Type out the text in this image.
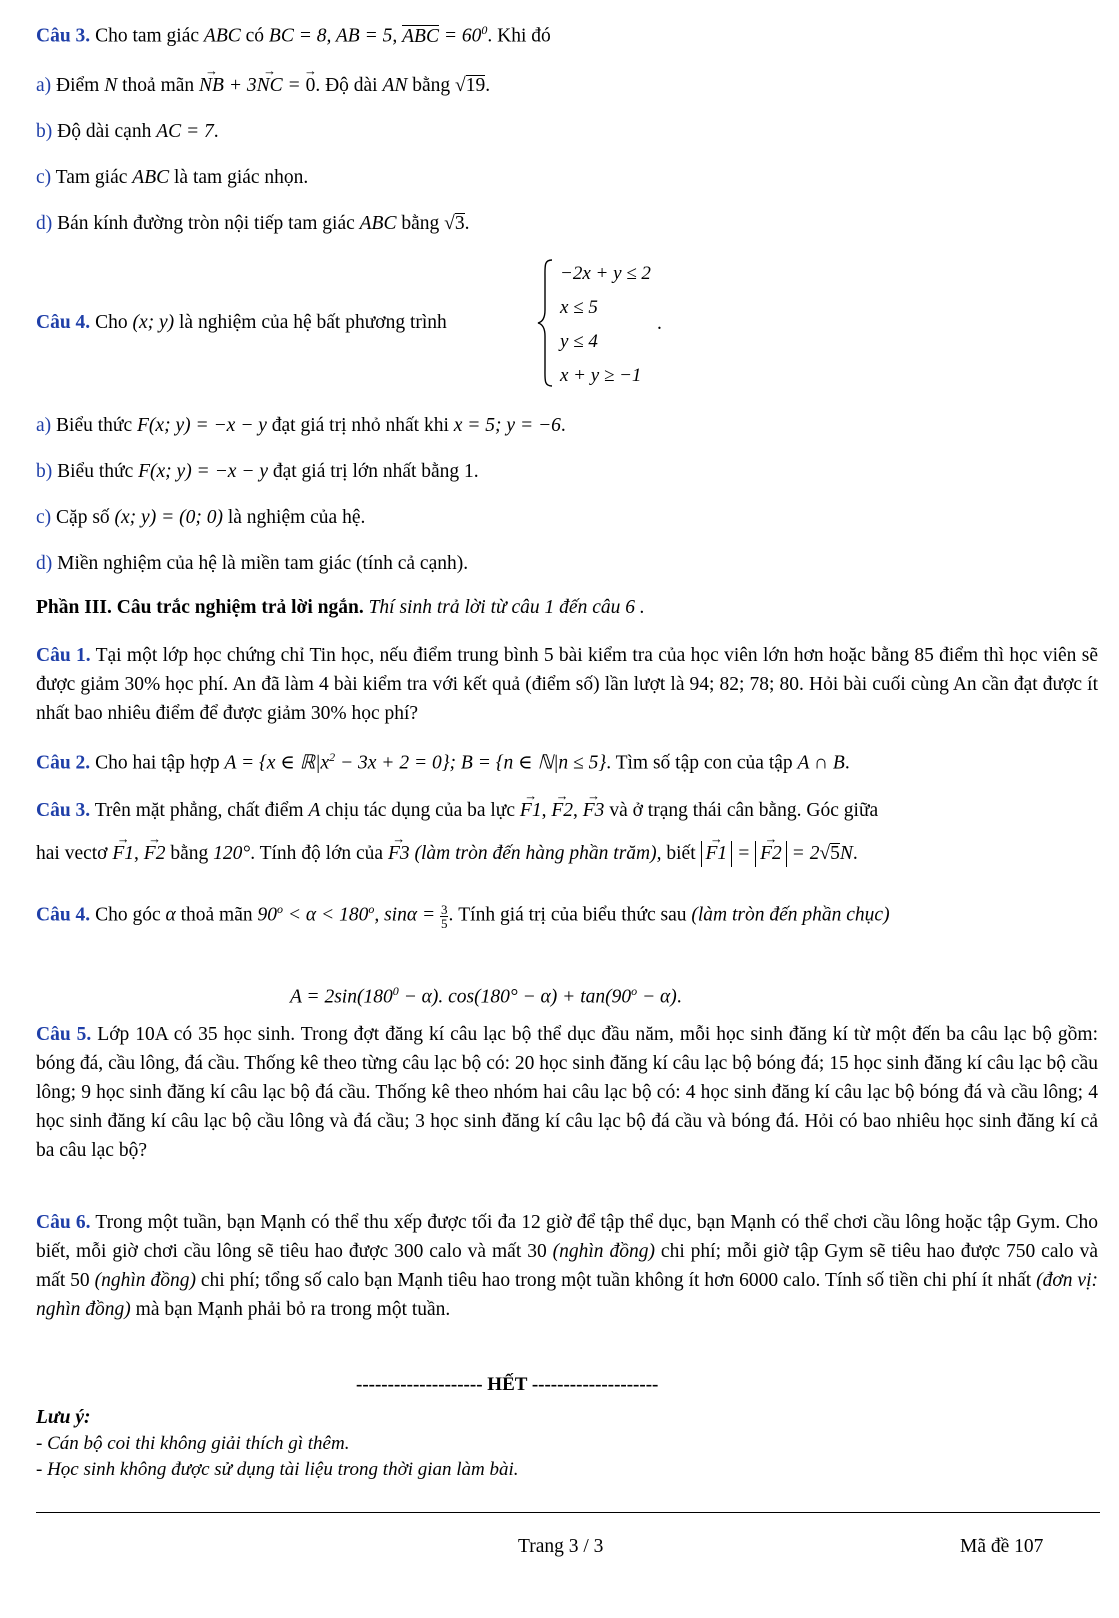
Câu 3. Cho tam giác ABC có BC = 8, AB = 5, ABC = $60^0$. Khi đó
a) Điểm N thoả mãn → NB + 3→ NC = → 0. Độ dài AN bằng √19.
b) Độ dài cạnh AC = 7.
c) Tam giác ABC là tam giác nhọn.
d) Bán kính đường tròn nội tiếp tam giác ABC bằng √3.
Câu 4. Cho (x; y) là nghiệm của hệ bất phương trình
−2x + y ≤ 2
x ≤ 5
y ≤ 4
x + y ≥ −1
.
a) Biểu thức F(x; y) = −x − y đạt giá trị nhỏ nhất khi x = 5; y = −6.
b) Biểu thức F(x; y) = −x − y đạt giá trị lớn nhất bằng 1.
c) Cặp số (x; y) = (0; 0) là nghiệm của hệ.
d) Miền nghiệm của hệ là miền tam giác (tính cả cạnh).
Phần III. Câu trắc nghiệm trả lời ngắn. Thí sinh trả lời từ câu 1 đến câu 6 .
Câu 1. Tại một lớp học chứng chỉ Tin học, nếu điểm trung bình 5 bài kiểm tra của học viên lớn hơn hoặc bằng 85 điểm thì học viên sẽ được giảm 30% học phí. An đã làm 4 bài kiểm tra với kết quả (điểm số) lần lượt là 94; 82; 78; 80. Hỏi bài cuối cùng An cần đạt được ít nhất bao nhiêu điểm để được giảm 30% học phí?
Câu 2. Cho hai tập hợp A = {x ∈ $ℝ|x^2 - 3x + 2 = 0$}; B = {n ∈ ℕ|n ≤ 5}. Tìm số tập con của tập A ∩ B.
Câu 3. Trên mặt phẳng, chất điểm A chịu tác dụng của ba lực → F1, → F2, → F3 và ở trạng thái cân bằng. Góc giữa
hai vectơ → F1, → F2 bằng 120°. Tính độ lớn của → F3 (làm tròn đến hàng phần trăm), biết → F1 = → F2 = 2√5N.
Câu 4. Cho góc α thoả mãn $90^o < \alpha < 180^o$, $\sin\alpha = \frac{3}{5}$ . Tính giá trị của biểu thức sau (làm tròn đến phần chục)
$A = 2\sin(180^0 - \alpha)$. $\cos(180^\circ - \alpha) + \tan(90^o - \alpha)$.
Câu 5. Lớp 10A có 35 học sinh. Trong đợt đăng kí câu lạc bộ thể dục đầu năm, mỗi học sinh đăng kí từ một đến ba câu lạc bộ gồm: bóng đá, cầu lông, đá cầu. Thống kê theo từng câu lạc bộ có: 20 học sinh đăng kí câu lạc bộ bóng đá; 15 học sinh đăng kí câu lạc bộ cầu lông; 9 học sinh đăng kí câu lạc bộ đá cầu. Thống kê theo nhóm hai câu lạc bộ có: 4 học sinh đăng kí câu lạc bộ bóng đá và cầu lông; 4 học sinh đăng kí câu lạc bộ cầu lông và đá cầu; 3 học sinh đăng kí câu lạc bộ đá cầu và bóng đá. Hỏi có bao nhiêu học sinh đăng kí cả ba câu lạc bộ?
Câu 6. Trong một tuần, bạn Mạnh có thể thu xếp được tối đa 12 giờ để tập thể dục, bạn Mạnh có thể chơi cầu lông hoặc tập Gym. Cho biết, mỗi giờ chơi cầu lông sẽ tiêu hao được 300 calo và mất 30 (nghìn đồng) chi phí; mỗi giờ tập Gym sẽ tiêu hao được 750 calo và mất 50 (nghìn đồng) chi phí; tổng số calo bạn Mạnh tiêu hao trong một tuần không ít hơn 6000 calo. Tính số tiền chi phí ít nhất (đơn vị: nghìn đồng) mà bạn Mạnh phải bỏ ra trong một tuần.
-------------------- HẾT --------------------
Lưu ý:
- Cán bộ coi thi không giải thích gì thêm.
- Học sinh không được sử dụng tài liệu trong thời gian làm bài.
Trang 3 / 3	Mã đề 107
